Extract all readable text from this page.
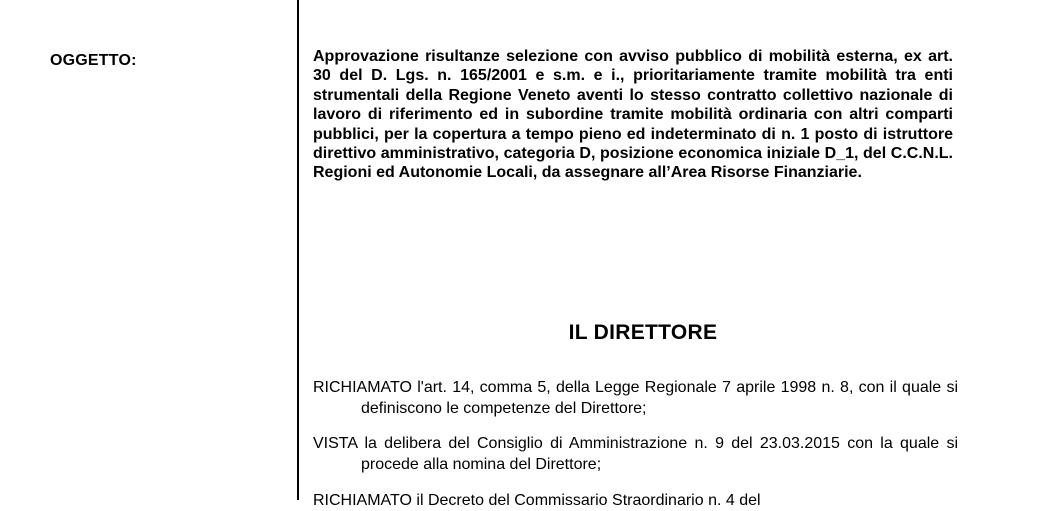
OGGETTO:	Approvazione risultanze selezione con avviso pubblico di mobilità esterna, ex art. 30 del D. Lgs. n. 165/2001 e s.m. e i., prioritariamente tramite mobilità tra enti strumentali della Regione Veneto aventi lo stesso contratto collettivo nazionale di lavoro di riferimento ed in subordine tramite mobilità ordinaria con altri comparti pubblici, per la copertura a tempo pieno ed indeterminato di n. 1 posto di istruttore direttivo amministrativo, categoria D, posizione economica iniziale D_1, del C.C.N.L. Regioni ed Autonomie Locali, da assegnare all’Area Risorse Finanziarie.
IL DIRETTORE
RICHIAMATO l'art. 14, comma 5, della Legge Regionale 7 aprile 1998 n. 8, con il quale si definiscono le competenze del Direttore;
VISTA la delibera del Consiglio di Amministrazione n. 9 del 23.03.2015 con la quale si procede alla nomina del Direttore;
RICHIAMATO il Decreto del Commissario Straordinario n. 4 del
